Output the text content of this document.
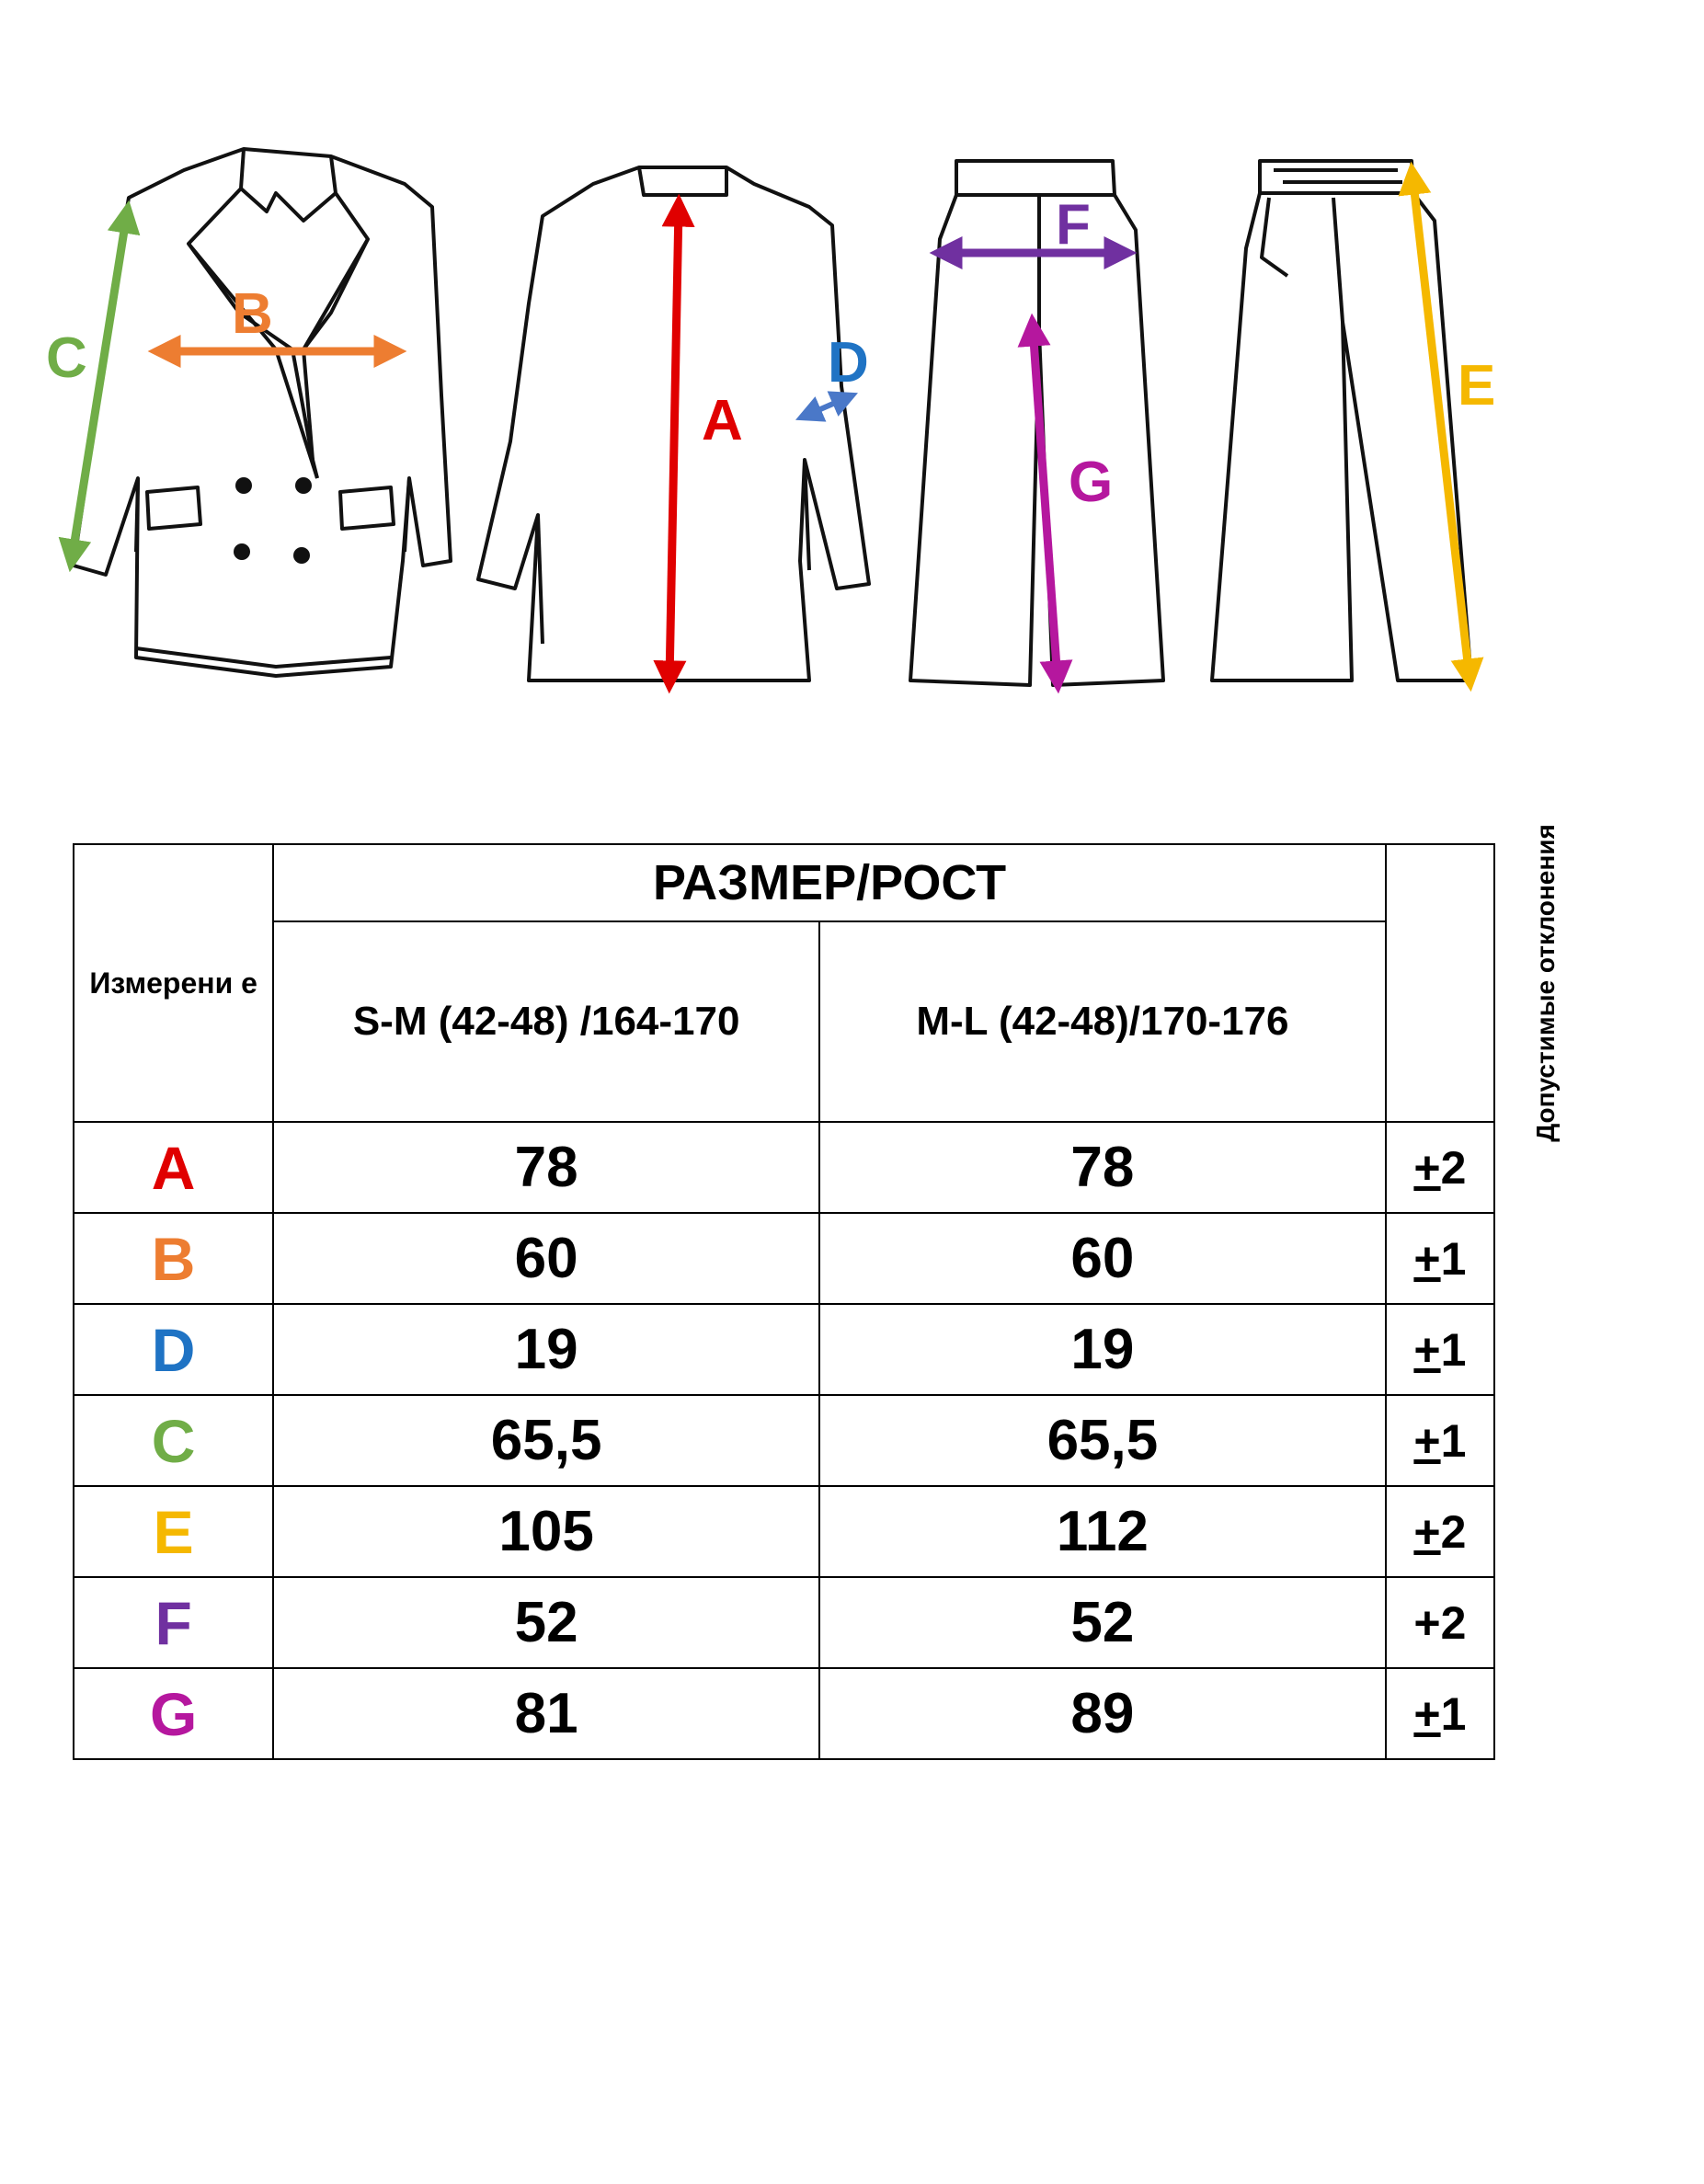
C
B
A
D
F
G
E
Измерени е	РАЗМЕР/РОСТ		Допустимые отклонения
	S-M (42-48) /164-170	M-L (42-48)/170-176	
A	78	78	+2
B	60	60	+1
D	19	19	+1
C	65,5	65,5	+1
E	105	112	+2
F	52	52	+2
G	81	89	+1
